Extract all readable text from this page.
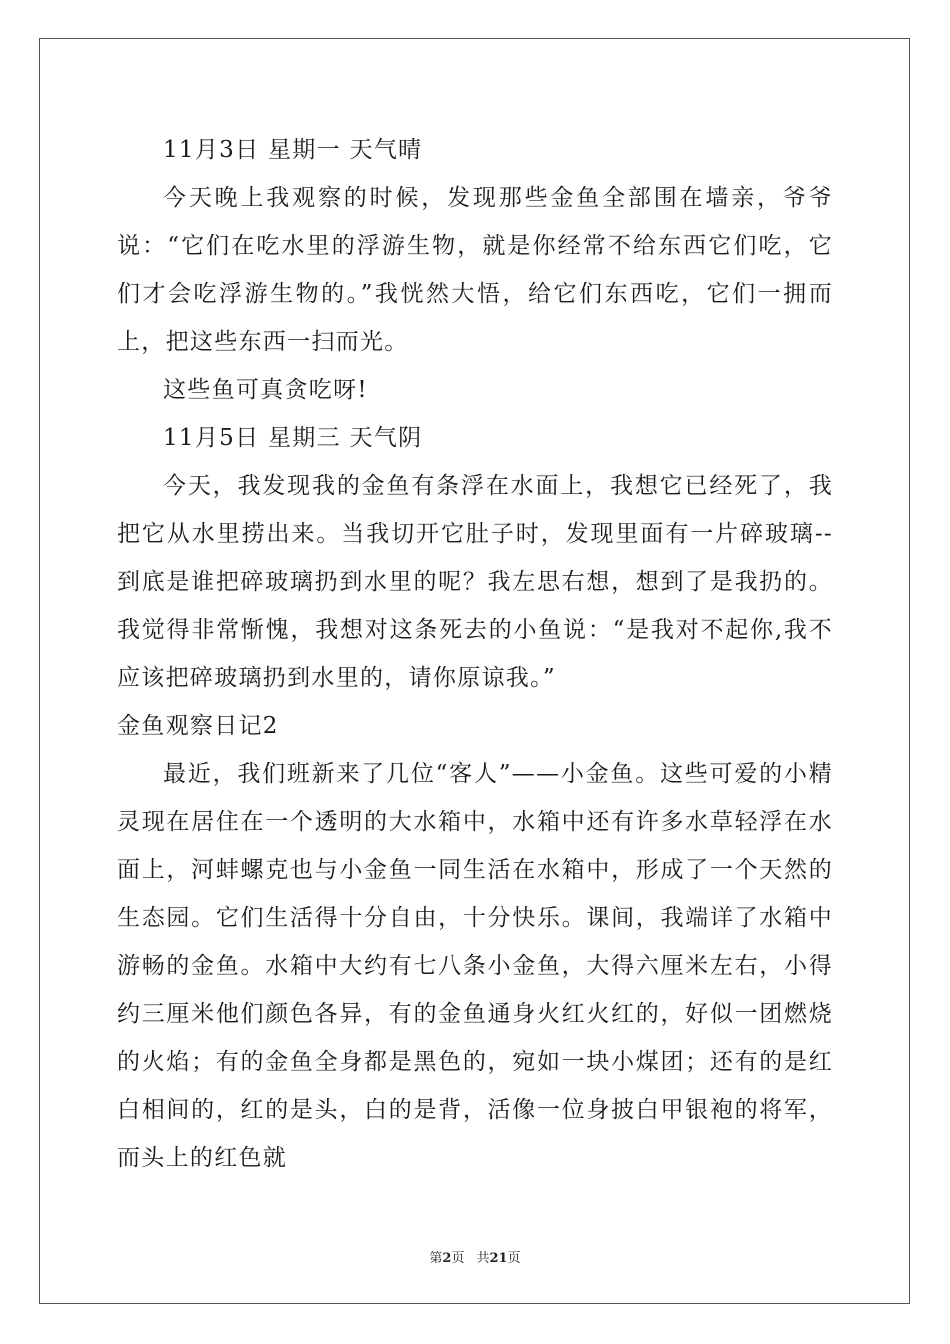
11月3日 星期一 天气晴

今天晚上我观察的时候，发现那些金鱼全部围在墙亲，爷爷说：“它们在吃水里的浮游生物，就是你经常不给东西它们吃，它们才会吃浮游生物的。”我恍然大悟，给它们东西吃，它们一拥而上，把这些东西一扫而光。

这些鱼可真贪吃呀!

11月5日 星期三 天气阴

今天，我发现我的金鱼有条浮在水面上，我想它已经死了，我把它从水里捞出来。当我切开它肚子时，发现里面有一片碎玻璃--到底是谁把碎玻璃扔到水里的呢？我左思右想，想到了是我扔的。我觉得非常惭愧，我想对这条死去的小鱼说：“是我对不起你,我不应该把碎玻璃扔到水里的，请你原谅我。”

金鱼观察日记2

最近，我们班新来了几位“客人”——小金鱼。这些可爱的小精灵现在居住在一个透明的大水箱中，水箱中还有许多水草轻浮在水面上，河蚌螺克也与小金鱼一同生活在水箱中，形成了一个天然的生态园。它们生活得十分自由，十分快乐。课间，我端详了水箱中游畅的金鱼。水箱中大约有七八条小金鱼，大得六厘米左右，小得约三厘米他们颜色各异，有的金鱼通身火红火红的，好似一团燃烧的火焰；有的金鱼全身都是黑色的，宛如一块小煤团；还有的是红白相间的，红的是头，白的是背，活像一位身披白甲银袍的将军，而头上的红色就

第2页 共21页
